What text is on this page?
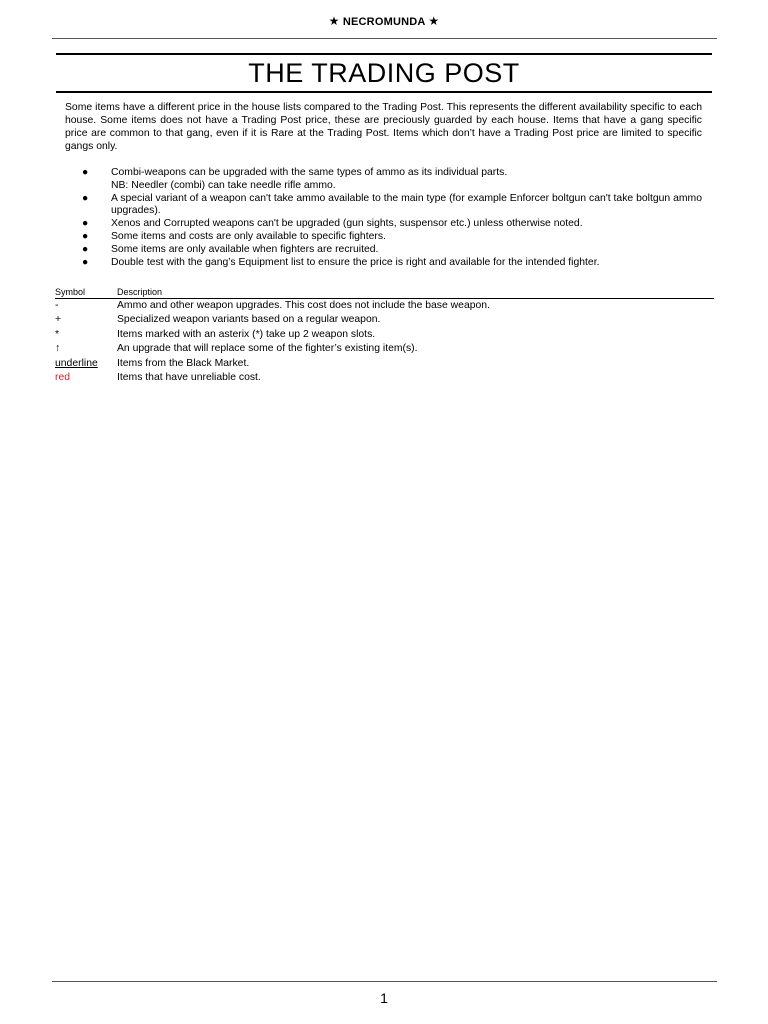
★ NECROMUNDA ★
THE TRADING POST

Some items have a different price in the house lists compared to the Trading Post. This represents the different availability specific to each house. Some items does not have a Trading Post price, these are preciously guarded by each house. Items that have a gang specific price are common to that gang, even if it is Rare at the Trading Post. Items which don’t have a Trading Post price are limited to specific gangs only.

● Combi-weapons can be upgraded with the same types of ammo as its individual parts.
NB: Needler (combi) can take needle rifle ammo.
● A special variant of a weapon can't take ammo available to the main type (for example Enforcer boltgun can't take boltgun ammo upgrades).
● Xenos and Corrupted weapons can't be upgraded (gun sights, suspensor etc.) unless otherwise noted.
● Some items and costs are only available to specific fighters.
● Some items are only available when fighters are recruited.
● Double test with the gang’s Equipment list to ensure the price is right and available for the intended fighter.
Symbol	Description
-	Ammo and other weapon upgrades. This cost does not include the base weapon.
+	Specialized weapon variants based on a regular weapon.
*	Items marked with an asterix (*) take up 2 weapon slots.
↑	An upgrade that will replace some of the fighter’s existing item(s).
underline	Items from the Black Market.
red	Items that have unreliable cost.
1
